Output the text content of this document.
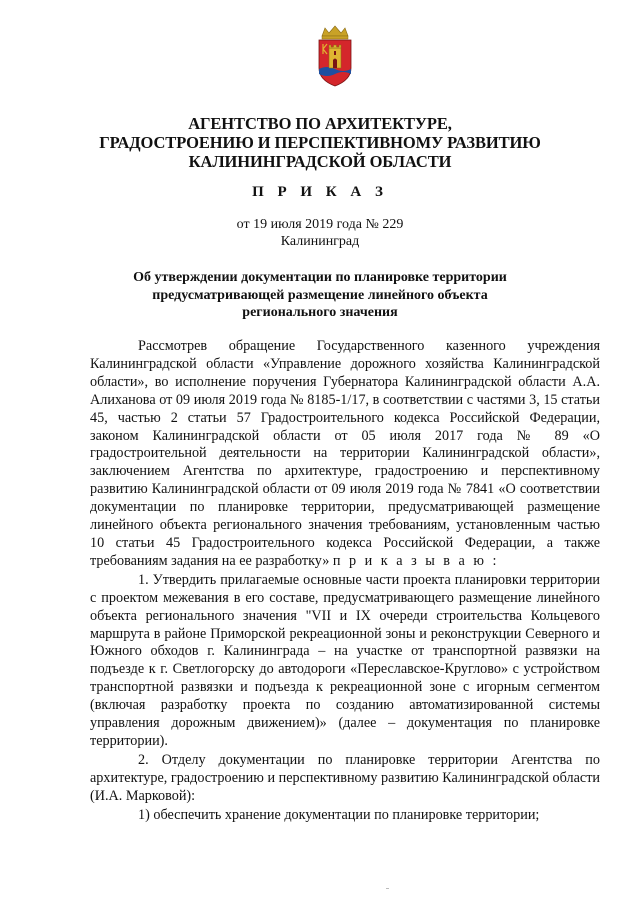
АГЕНТСТВО ПО АРХИТЕКТУРЕ,
ГРАДОСТРОЕНИЮ И ПЕРСПЕКТИВНОМУ РАЗВИТИЮ
КАЛИНИНГРАДСКОЙ ОБЛАСТИ
П Р И К А З
от 19 июля 2019 года № 229
Калининград
Об утверждении документации по планировке территории
предусматривающей размещение линейного объекта
регионального значения

Рассмотрев обращение Государственного казенного учреждения Калининградской области «Управление дорожного хозяйства Калининградской области», во исполнение поручения Губернатора Калининградской области А.А. Алиханова от 09 июля 2019 года № 8185-1/17, в соответствии с частями 3, 15 статьи 45, частью 2 статьи 57 Градостроительного кодекса Российской Федерации, законом Калининградской области от 05 июля 2017 года № 89 «О градостроительной деятельности на территории Калининградской области», заключением Агентства по архитектуре, градостроению и перспективному развитию Калининградской области от 09 июля 2019 года № 7841 «О соответствии документации по планировке территории, предусматривающей размещение линейного объекта регионального значения требованиям, установленным частью 10 статьи 45 Градостроительного кодекса Российской Федерации, а также требованиям задания на ее разработку» п р и к а з ы в а ю :

1. Утвердить прилагаемые основные части проекта планировки территории с проектом межевания в его составе, предусматривающего размещение линейного объекта регионального значения "VII и IX очереди строительства Кольцевого маршрута в районе Приморской рекреационной зоны и реконструкции Северного и Южного обходов г. Калининграда – на участке от транспортной развязки на подъезде к г. Светлогорску до автодороги «Переславское-Круглово» с устройством транспортной развязки и подъезда к рекреационной зоне с игорным сегментом (включая разработку проекта по созданию автоматизированной системы управления дорожным движением)» (далее – документация по планировке территории).

2. Отделу документации по планировке территории Агентства по архитектуре, градостроению и перспективному развитию Калининградской области (И.А. Марковой):

1) обеспечить хранение документации по планировке территории;
